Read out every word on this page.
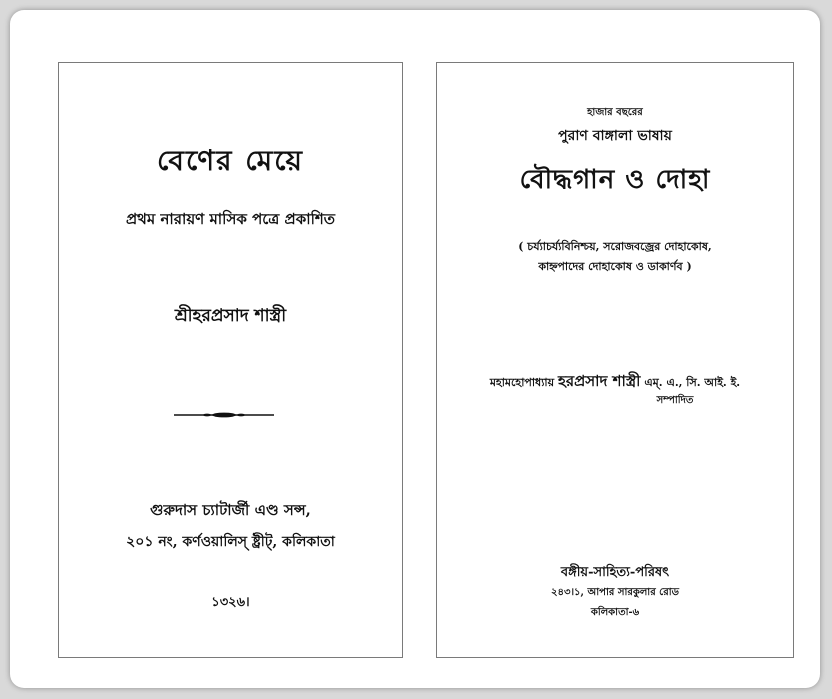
বেণের মেয়ে
প্রথম নারায়ণ মাসিক পত্রে প্রকাশিত
শ্রীহরপ্রসাদ শাস্ত্রী
গুরুদাস চ্যাটার্জী এণ্ড সন্স,
২০১ নং, কর্ণওয়ালিস্ ষ্ট্রীট্, কলিকাতা
১৩২৬।
হাজার বছরের
পুরাণ বাঙ্গালা ভাষায়
বৌদ্ধগান ও দোহা
( চর্য্যাচর্য্যবিনিশ্চয়, সরোজবজ্রের দোহাকোষ,
কাহ্নপাদের দোহাকোষ ও ডাকার্ণব )
মহামহোপাধ্যায় হরপ্রসাদ শাস্ত্রী এম্‌. এ., সি. আই. ই.
সম্পাদিত
বঙ্গীয়-সাহিত্য-পরিষৎ
২৪৩।১, আপার সারকুলার রোড
কলিকাতা-৬
